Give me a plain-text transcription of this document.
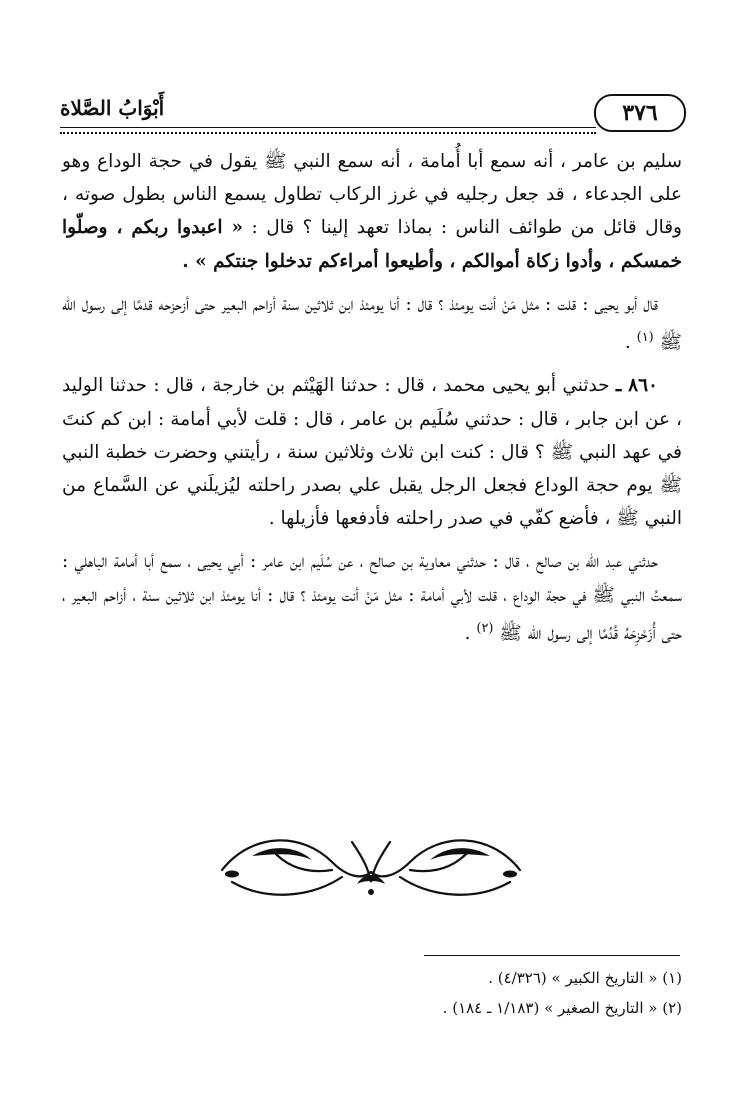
٣٧٦
أَبْوَابُ الصَّلاة

سليم بن عامر ، أنه سمع أبا أُمامة ، أنه سمع النبي ﷺ يقول في حجة الوداع وهو على الجدعاء ، قد جعل رجليه في غرز الركاب تطاول يسمع الناس بطول صوته ، وقال قائل من طوائف الناس : بماذا تعهد إلينا ؟ قال : « اعبدوا ربكم ، وصلّوا خمسكم ، وأدوا زكاة أموالكم ، وأطيعوا أمراءكم تدخلوا جنتكم » .

قال أبو يحيى : قلت : مثل مَنْ أنت يومئذ ؟ قال : أنا يومئذ ابن ثلاثين سنة أزاحم البعير حتى أزحزحه قدمًا إلى رسول الله ﷺ $^{(١)}$ .

٨٦٠ ـ حدثني أبو يحيى محمد ، قال : حدثنا الهَيْثم بن خارجة ، قال : حدثنا الوليد ، عن ابن جابر ، قال : حدثني سُلَيم بن عامر ، قال : قلت لأبي أمامة : ابن كم كنتَ في عهد النبي ﷺ ؟ قال : كنت ابن ثلاث وثلاثين سنة ، رأيتني وحضرت خطبة النبي ﷺ يوم حجة الوداع فجعل الرجل يقبل علي بصدر راحلته ليُزيلَني عن السَّماع من النبي ﷺ ، فأضع كفّي في صدر راحلته فأدفعها فأزيلها .

حدثني عبد الله بن صالح ، قال : حدثني معاوية بن صالح ، عن سُلَيم ابن عامر : أبي يحيى ، سمع أبا أمامة الباهلي : سمعتُ النبي ﷺ في حجة الوداع ، قلت لأبي أمامة : مثل مَنْ أنت يومئذ ؟ قال : أنا يومئذ ابن ثلاثين سنة ، أزاحم البعير ، حتى أُزَحْزِحَهُ قُدُمًا إلى رسول الله ﷺ $^{(٢)}$ .

(١) « التاريخ الكبير » (٤/٣٢٦) .

(٢) « التاريخ الصغير » (١/١٨٣ ـ ١٨٤) .
